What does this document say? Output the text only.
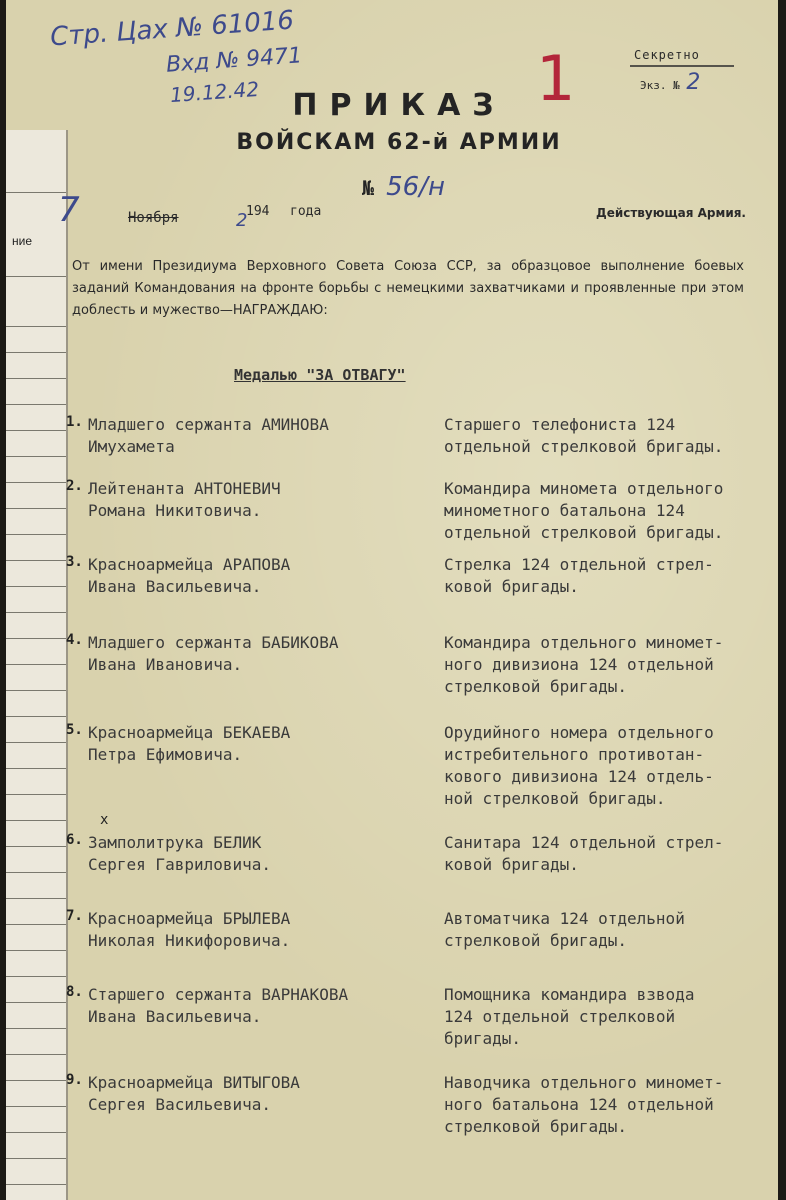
ние
Стр. Цах № 61016
Вхд № 9471
19.12.42	1	Секретно
Экз. № 2
ПРИКАЗ
ВОЙСКАМ 62-й АРМИИ
№ 56/н
7	Ноября	194
2	года	Действующая Армия.
От имени Президиума Верховного Совета Союза ССР, за образцовое выполнение боевых заданий Командования на фронте борьбы с немецкими захватчиками и проявленные при этом доблесть и мужество—НАГРАЖДАЮ:
Медалью "ЗА ОТВАГУ"
x
1. Младшего сержанта АМИНОВА
Имухамета
Старшего телефониста 124
отдельной стрелковой бригады.
2. Лейтенанта АНТОНЕВИЧ
Романа Никитовича.
Командира миномета отдельного
минометного батальона 124
отдельной стрелковой бригады.
3. Красноармейца АРАПОВА
Ивана Васильевича.
Стрелка 124 отдельной стрел-
ковой бригады.
4. Младшего сержанта БАБИКОВА
Ивана Ивановича.
Командира отдельного миномет-
ного дивизиона 124 отдельной
стрелковой бригады.
5. Красноармейца БЕКАЕВА
Петра Ефимовича.
Орудийного номера отдельного
истребительного противотан-
кового дивизиона 124 отдель-
ной стрелковой бригады.
6. Замполитрука БЕЛИК
Сергея Гавриловича.
Санитара 124 отдельной стрел-
ковой бригады.
7. Красноармейца БРЫЛЕВА
Николая Никифоровича.
Автоматчика 124 отдельной
стрелковой бригады.
8. Старшего сержанта ВАРНАКОВА
Ивана Васильевича.
Помощника командира взвода
124 отдельной стрелковой
бригады.
9. Красноармейца ВИТЫГОВА
Сергея Васильевича.
Наводчика отдельного миномет-
ного батальона 124 отдельной
стрелковой бригады.
